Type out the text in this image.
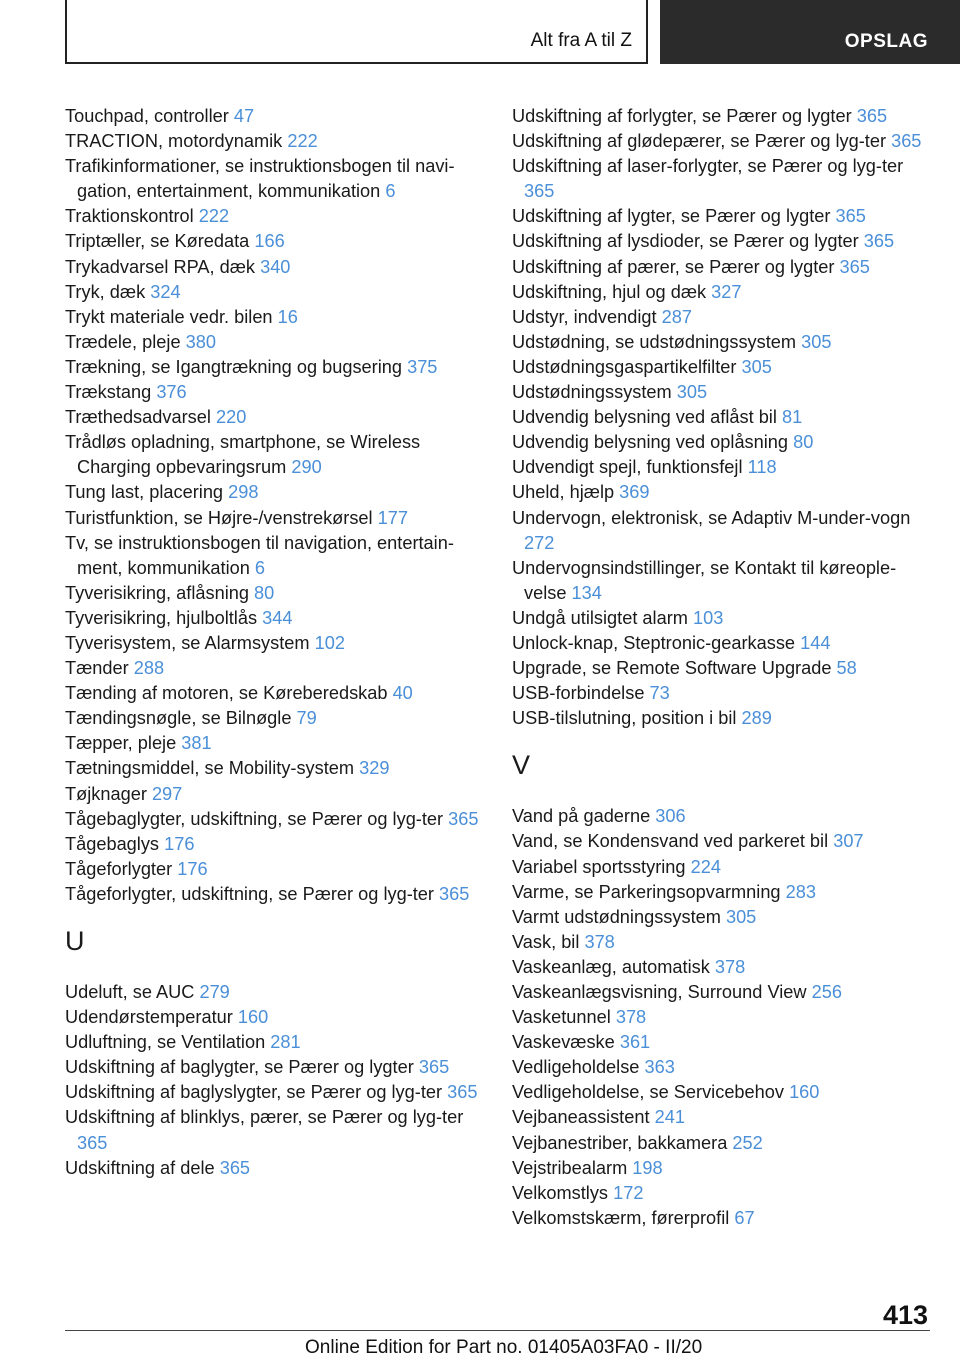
Alt fra A til Z	OPSLAG
Touchpad, controller 47
TRACTION, motordynamik 222
Trafikinformationer, se instruktionsbogen til navi-gation, entertainment, kommunikation 6
Traktionskontrol 222
Triptæller, se Køredata 166
Trykadvarsel RPA, dæk 340
Tryk, dæk 324
Trykt materiale vedr. bilen 16
Trædele, pleje 380
Trækning, se Igangtrækning og bugsering 375
Trækstang 376
Træthedsadvarsel 220
Trådløs opladning, smartphone, se Wireless Charging opbevaringsrum 290
Tung last, placering 298
Turistfunktion, se Højre-/venstrekørsel 177
Tv, se instruktionsbogen til navigation, entertain-ment, kommunikation 6
Tyverisikring, aflåsning 80
Tyverisikring, hjulboltlås 344
Tyverisystem, se Alarmsystem 102
Tænder 288
Tænding af motoren, se Køreberedskab 40
Tændingsnøgle, se Bilnøgle 79
Tæpper, pleje 381
Tætningsmiddel, se Mobility-system 329
Tøjknager 297
Tågebaglygter, udskiftning, se Pærer og lyg-ter 365
Tågebaglys 176
Tågeforlygter 176
Tågeforlygter, udskiftning, se Pærer og lyg-ter 365
U
Udeluft, se AUC 279
Udendørstemperatur 160
Udluftning, se Ventilation 281
Udskiftning af baglygter, se Pærer og lygter 365
Udskiftning af baglyslygter, se Pærer og lyg-ter 365
Udskiftning af blinklys, pærer, se Pærer og lyg-ter 365
Udskiftning af dele 365
Udskiftning af forlygter, se Pærer og lygter 365
Udskiftning af glødepærer, se Pærer og lyg-ter 365
Udskiftning af laser-forlygter, se Pærer og lyg-ter 365
Udskiftning af lygter, se Pærer og lygter 365
Udskiftning af lysdioder, se Pærer og lygter 365
Udskiftning af pærer, se Pærer og lygter 365
Udskiftning, hjul og dæk 327
Udstyr, indvendigt 287
Udstødning, se udstødningssystem 305
Udstødningsgaspartikelfilter 305
Udstødningssystem 305
Udvendig belysning ved aflåst bil 81
Udvendig belysning ved oplåsning 80
Udvendigt spejl, funktionsfejl 118
Uheld, hjælp 369
Undervogn, elektronisk, se Adaptiv M-under-vogn 272
Undervognsindstillinger, se Kontakt til køreople-velse 134
Undgå utilsigtet alarm 103
Unlock-knap, Steptronic-gearkasse 144
Upgrade, se Remote Software Upgrade 58
USB-forbindelse 73
USB-tilslutning, position i bil 289
V
Vand på gaderne 306
Vand, se Kondensvand ved parkeret bil 307
Variabel sportsstyring 224
Varme, se Parkeringsopvarmning 283
Varmt udstødningssystem 305
Vask, bil 378
Vaskeanlæg, automatisk 378
Vaskeanlægsvisning, Surround View 256
Vasketunnel 378
Vaskevæske 361
Vedligeholdelse 363
Vedligeholdelse, se Servicebehov 160
Vejbaneassistent 241
Vejbanestriber, bakkamera 252
Vejstribealarm 198
Velkomstlys 172
Velkomstskærm, førerprofil 67
413
Online Edition for Part no. 01405A03FA0 - II/20
